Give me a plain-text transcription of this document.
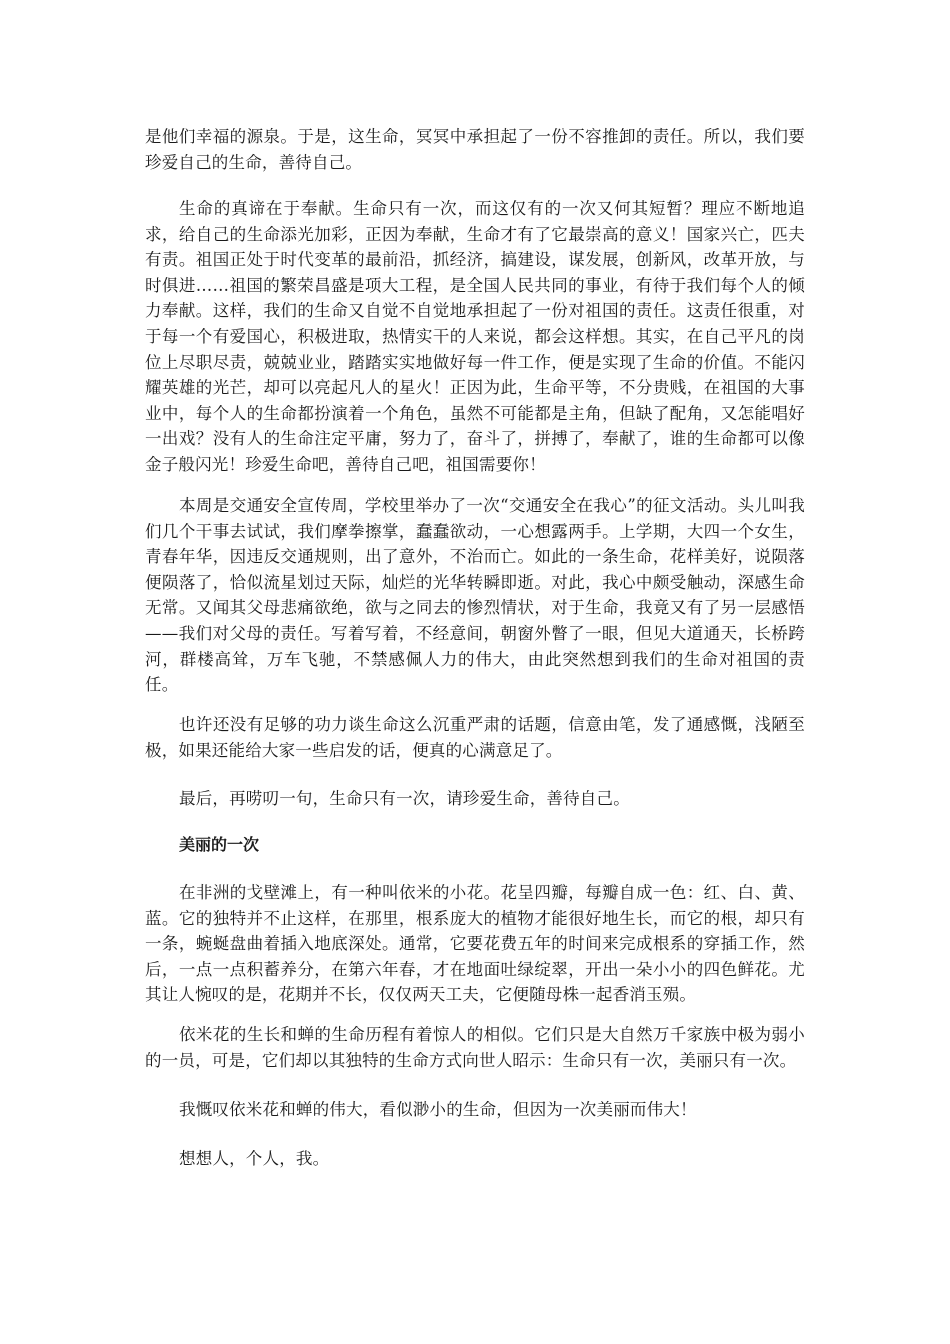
是他们幸福的源泉。于是，这生命，冥冥中承担起了一份不容推卸的责任。所以，我们要珍爱自己的生命，善待自己。

生命的真谛在于奉献。生命只有一次，而这仅有的一次又何其短暂？理应不断地追求，给自己的生命添光加彩，正因为奉献，生命才有了它最崇高的意义！国家兴亡，匹夫有责。祖国正处于时代变革的最前沿，抓经济，搞建设，谋发展，创新风，改革开放，与时俱进……祖国的繁荣昌盛是项大工程，是全国人民共同的事业，有待于我们每个人的倾力奉献。这样，我们的生命又自觉不自觉地承担起了一份对祖国的责任。这责任很重，对于每一个有爱国心，积极进取，热情实干的人来说，都会这样想。其实，在自己平凡的岗位上尽职尽责，兢兢业业，踏踏实实地做好每一件工作，便是实现了生命的价值。不能闪耀英雄的光芒，却可以亮起凡人的星火！正因为此，生命平等，不分贵贱，在祖国的大事业中，每个人的生命都扮演着一个角色，虽然不可能都是主角，但缺了配角，又怎能唱好一出戏？没有人的生命注定平庸，努力了，奋斗了，拼搏了，奉献了，谁的生命都可以像金子般闪光！珍爱生命吧，善待自己吧，祖国需要你！

本周是交通安全宣传周，学校里举办了一次“交通安全在我心”的征文活动。头儿叫我们几个干事去试试，我们摩拳擦掌，蠢蠢欲动，一心想露两手。上学期，大四一个女生，青春年华，因违反交通规则，出了意外，不治而亡。如此的一条生命，花样美好，说陨落便陨落了，恰似流星划过天际，灿烂的光华转瞬即逝。对此，我心中颇受触动，深感生命无常。又闻其父母悲痛欲绝，欲与之同去的惨烈情状，对于生命，我竟又有了另一层感悟——我们对父母的责任。写着写着，不经意间，朝窗外瞥了一眼，但见大道通天，长桥跨河，群楼高耸，万车飞驰，不禁感佩人力的伟大，由此突然想到我们的生命对祖国的责任。

也许还没有足够的功力谈生命这么沉重严肃的话题，信意由笔，发了通感慨，浅陋至极，如果还能给大家一些启发的话，便真的心满意足了。

最后，再唠叨一句，生命只有一次，请珍爱生命，善待自己。

美丽的一次

在非洲的戈壁滩上，有一种叫依米的小花。花呈四瓣，每瓣自成一色：红、白、黄、蓝。它的独特并不止这样，在那里，根系庞大的植物才能很好地生长，而它的根，却只有一条，蜿蜒盘曲着插入地底深处。通常，它要花费五年的时间来完成根系的穿插工作，然后，一点一点积蓄养分，在第六年春，才在地面吐绿绽翠，开出一朵小小的四色鲜花。尤其让人惋叹的是，花期并不长，仅仅两天工夫，它便随母株一起香消玉殒。

依米花的生长和蝉的生命历程有着惊人的相似。它们只是大自然万千家族中极为弱小的一员，可是，它们却以其独特的生命方式向世人昭示：生命只有一次，美丽只有一次。

我慨叹依米花和蝉的伟大，看似渺小的生命，但因为一次美丽而伟大！

想想人，个人，我。
